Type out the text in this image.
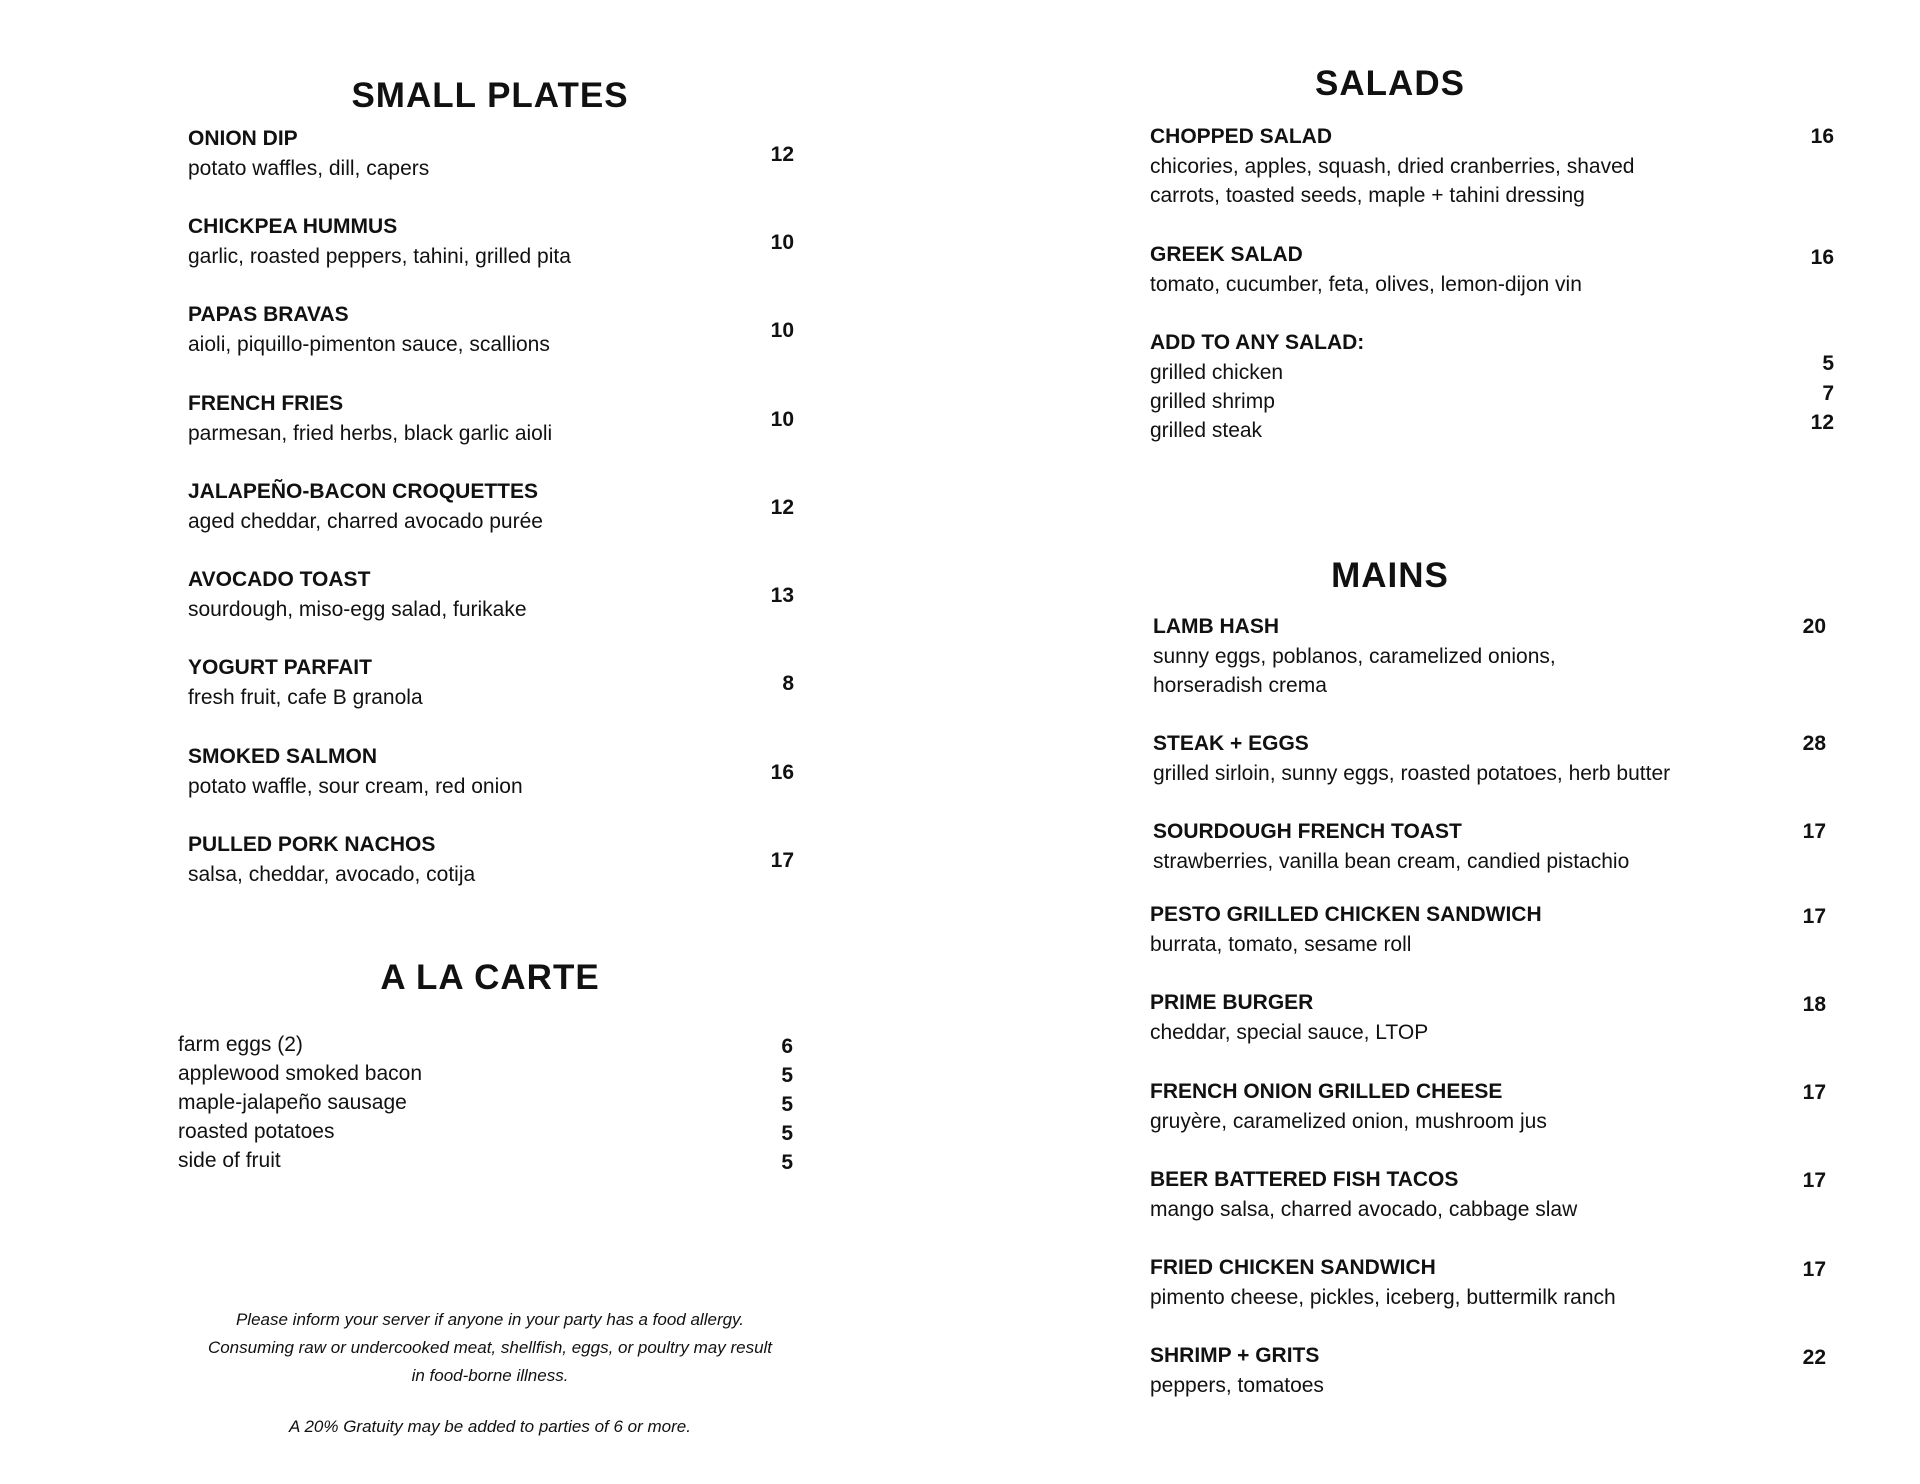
SMALL PLATES
ONION DIP
potato waffles, dill, capers
12
CHICKPEA HUMMUS
garlic, roasted peppers, tahini, grilled pita
10
PAPAS BRAVAS
aioli, piquillo-pimenton sauce, scallions
10
FRENCH FRIES
parmesan, fried herbs, black garlic aioli
10
JALAPEÑO-BACON CROQUETTES
aged cheddar, charred avocado purée
12
AVOCADO TOAST
sourdough, miso-egg salad, furikake
13
YOGURT PARFAIT
fresh fruit, cafe B granola
8
SMOKED SALMON
potato waffle, sour cream, red onion
16
PULLED PORK NACHOS
salsa, cheddar, avocado, cotija
17
A LA CARTE
farm eggs (2)	6
applewood smoked bacon	5
maple-jalapeño sausage	5
roasted potatoes	5
side of fruit	5
Please inform your server if anyone in your party has a food allergy.
Consuming raw or undercooked meat, shellfish, eggs, or poultry may result
in food-borne illness.
A 20% Gratuity may be added to parties of 6 or more.
SALADS
CHOPPED SALAD
chicories, apples, squash, dried cranberries, shaved
carrots, toasted seeds, maple + tahini dressing
16
GREEK SALAD
tomato, cucumber, feta, olives, lemon-dijon vin
16
ADD TO ANY SALAD:
grilled chicken	5
grilled shrimp	7
grilled steak	12
MAINS
LAMB HASH
sunny eggs, poblanos, caramelized onions,
horseradish crema
20
STEAK + EGGS
grilled sirloin, sunny eggs, roasted potatoes, herb butter
28
SOURDOUGH FRENCH TOAST
strawberries, vanilla bean cream, candied pistachio
17
PESTO GRILLED CHICKEN SANDWICH
burrata, tomato, sesame roll
17
PRIME BURGER
cheddar, special sauce, LTOP
18
FRENCH ONION GRILLED CHEESE
gruyère, caramelized onion, mushroom jus
17
BEER BATTERED FISH TACOS
mango salsa, charred avocado, cabbage slaw
17
FRIED CHICKEN SANDWICH
pimento cheese, pickles, iceberg, buttermilk ranch
17
SHRIMP + GRITS
peppers, tomatoes
22
